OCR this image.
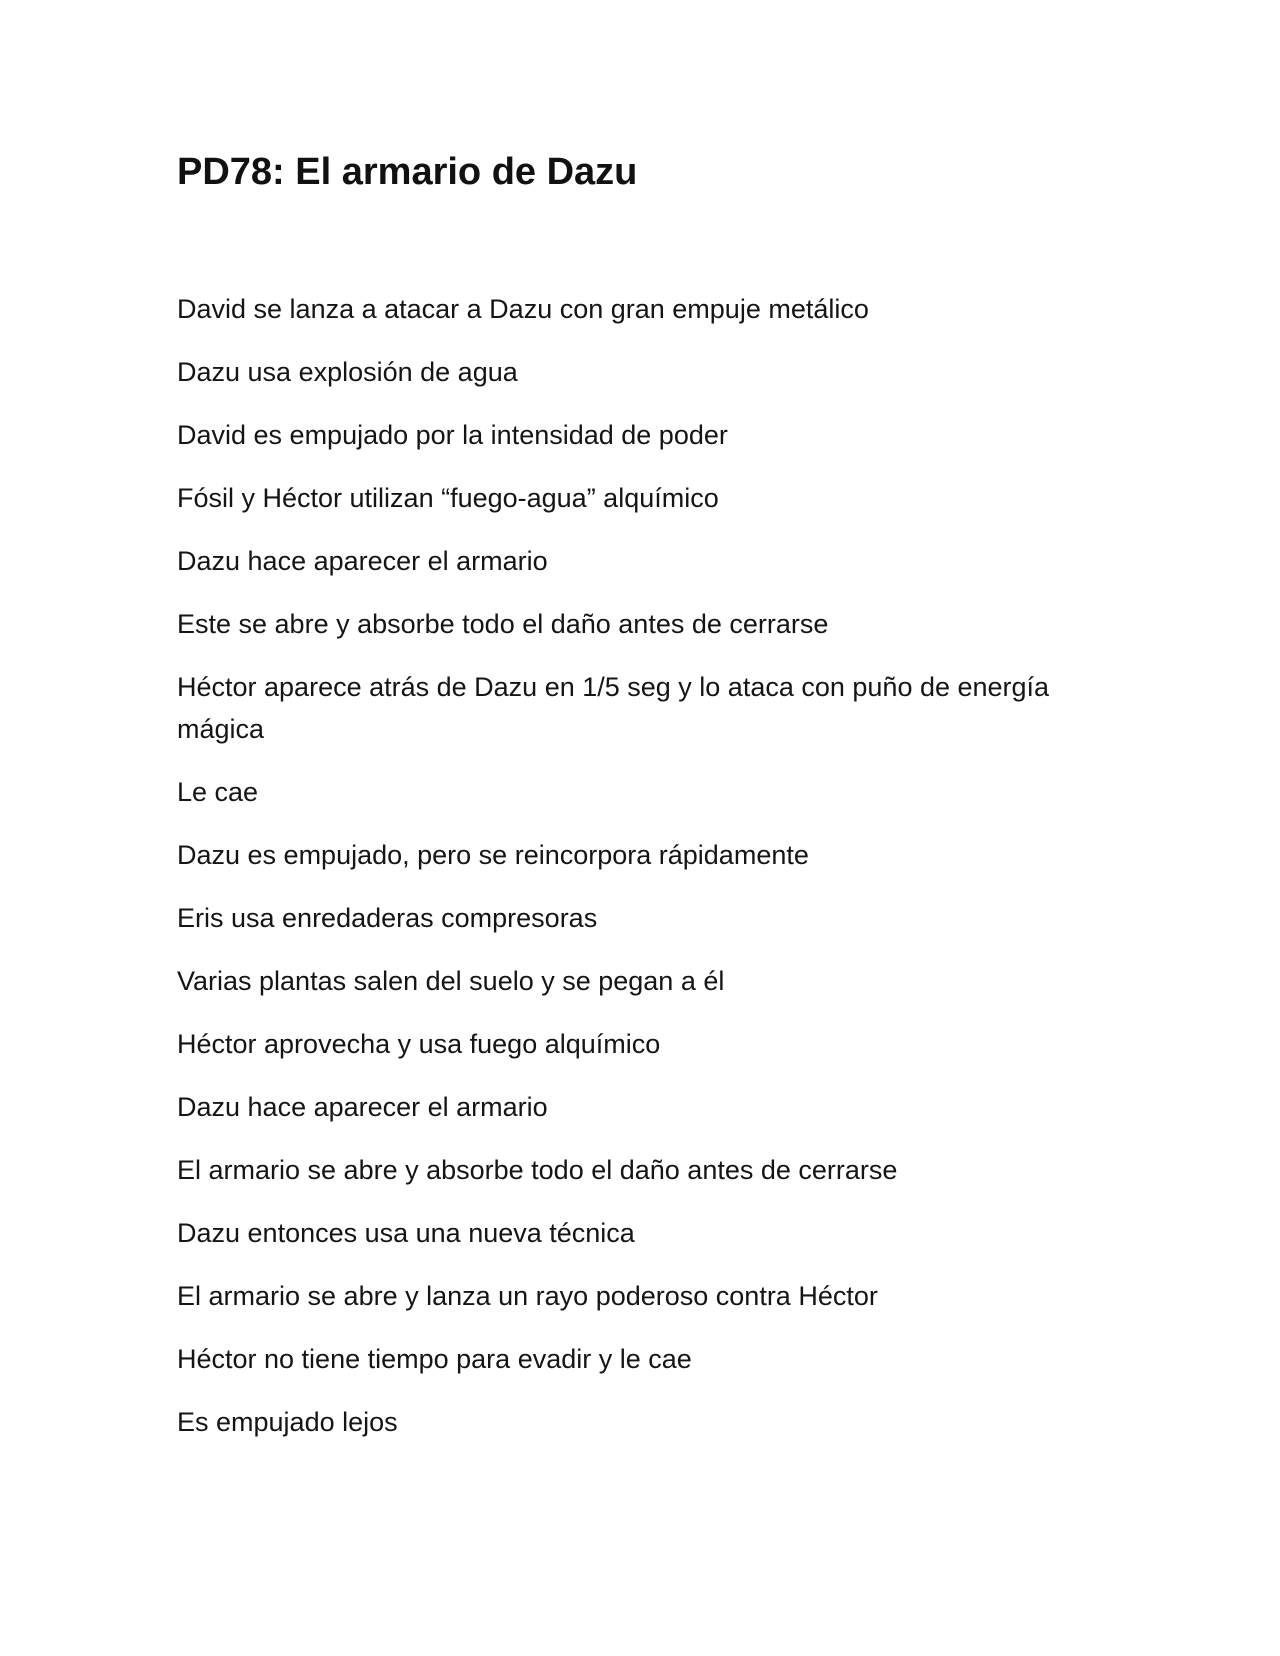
PD78: El armario de Dazu
David se lanza a atacar a Dazu con gran empuje metálico
Dazu usa explosión de agua
David es empujado por la intensidad de poder
Fósil y Héctor utilizan “fuego-agua” alquímico
Dazu hace aparecer el armario
Este se abre y absorbe todo el daño antes de cerrarse
Héctor aparece atrás de Dazu en 1/5 seg y lo ataca con puño de energía mágica
Le cae
Dazu es empujado, pero se reincorpora rápidamente
Eris usa enredaderas compresoras
Varias plantas salen del suelo y se pegan a él
Héctor aprovecha y usa fuego alquímico
Dazu hace aparecer el armario
El armario se abre y absorbe todo el daño antes de cerrarse
Dazu entonces usa una nueva técnica
El armario se abre y lanza un rayo poderoso contra Héctor
Héctor no tiene tiempo para evadir y le cae
Es empujado lejos
